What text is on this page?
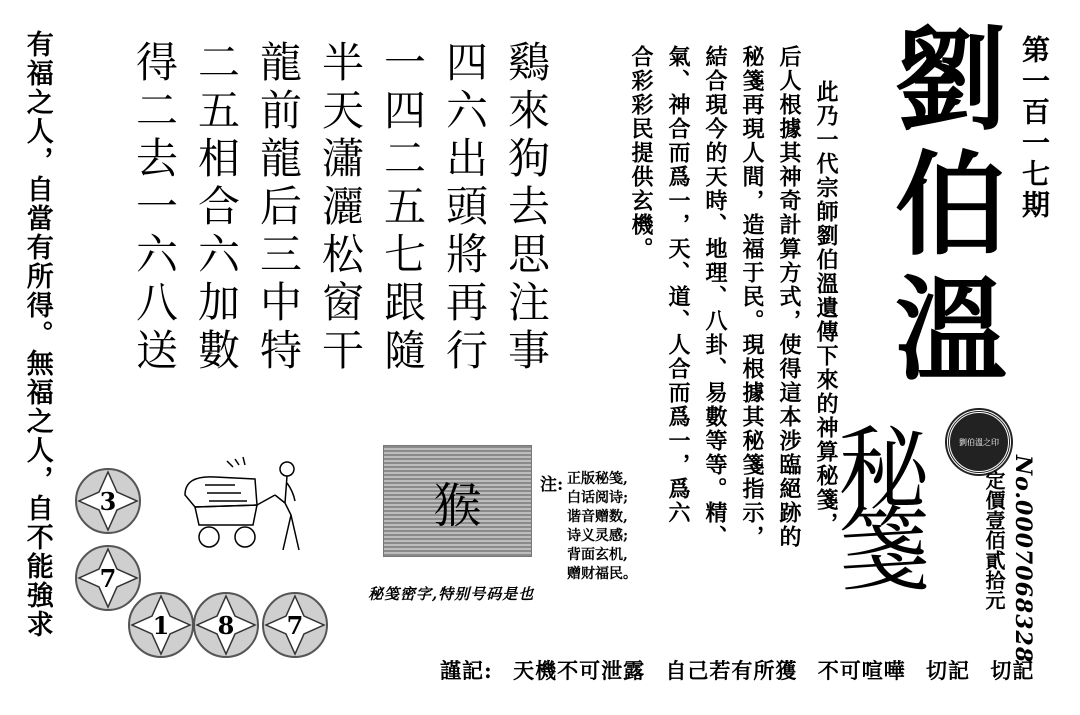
有福之人，自當有所得。無福之人，自不能強求	鷄來狗去思注事
四六出頭將再行
一四二五七跟隨
半天瀟灑松窗干
龍前龍后三中特
二五相合六加數
得二去一六八送	此乃一代宗師劉伯溫遺傳下來的神算秘箋，
后人根據其神奇計算方式，使得這本涉臨絕跡的
秘箋再現人間，造福于民。現根據其秘箋指示，
結合現今的天時、地理、八卦、易數等等。精、
氣、神合而爲一，天、道、人合而爲一，爲六
合彩彩民提供玄機。 劉
伯
溫
第一百一七期
劉伯溫之印
No.0007068328
定價壹佰貳拾元
秘
箋
猴	注: 正版秘笺,
白话阅诗;
谐音赠数,
诗义灵感;
背面玄机,
赠财福民。
3
7
1	8	7
秘笺密字,特别号码是也
謹記: 天機不可泄露 自己若有所獲 不可喧嘩 切記 切記
